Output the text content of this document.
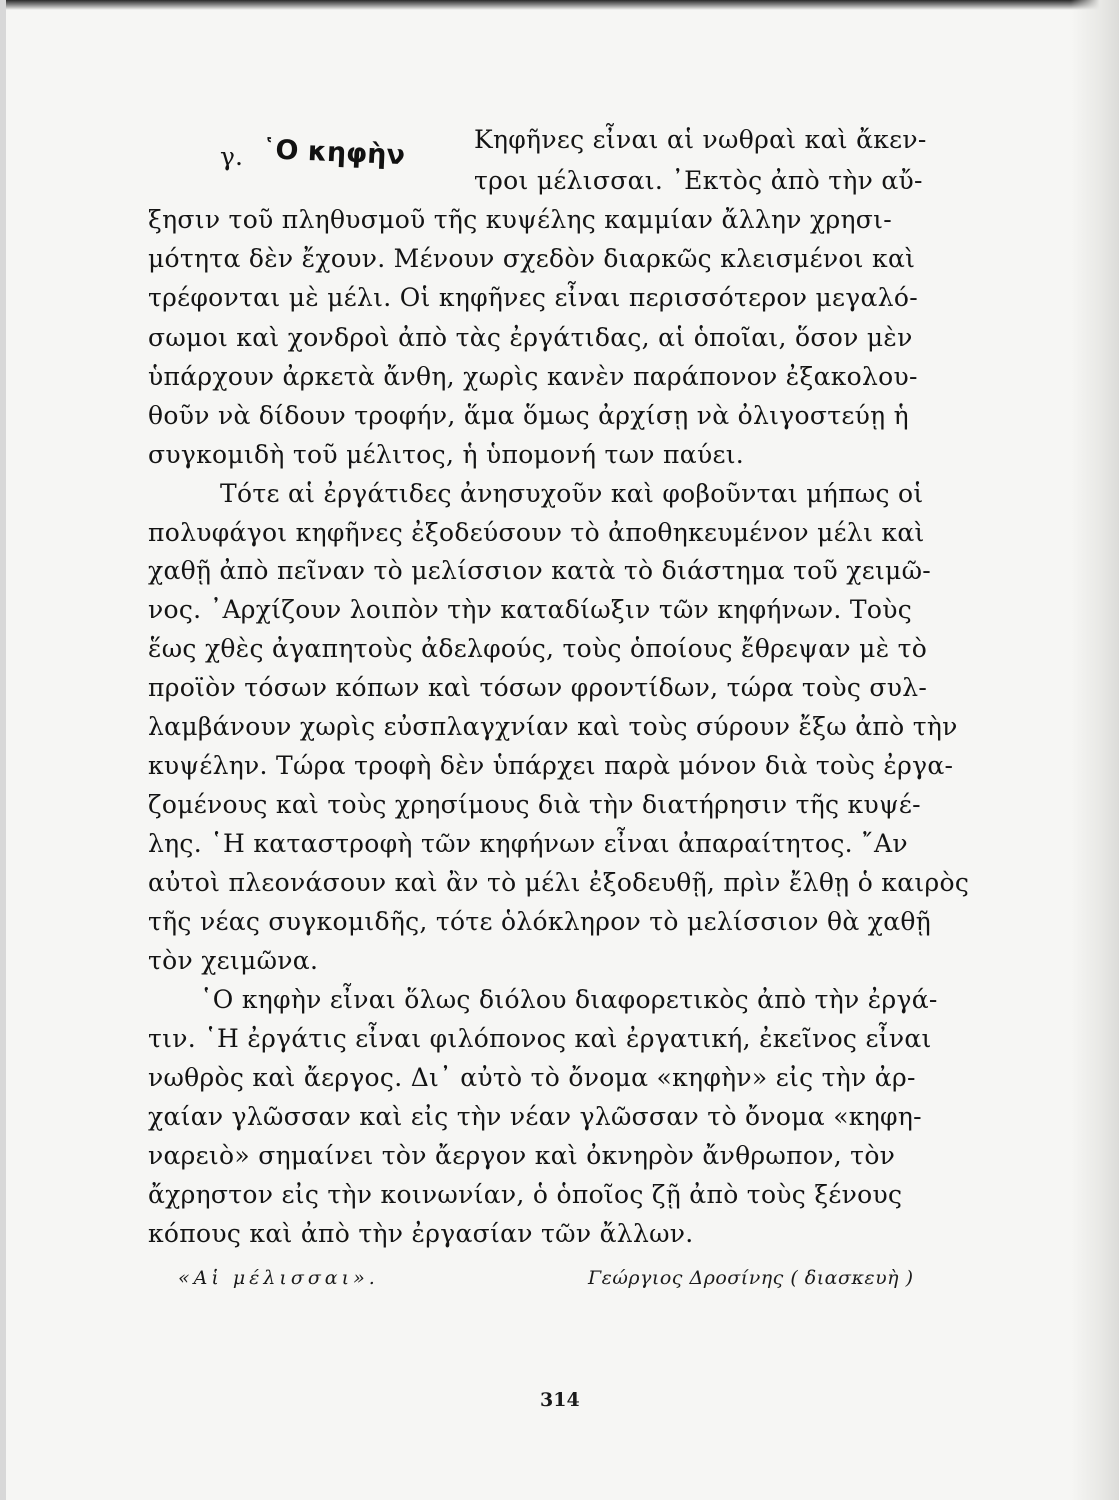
γ. ῾Ο κηφὴν	Κηφῆνες εἶναι αἱ νωθραὶ καὶ ἄκεν-
τροι μέλισσαι. ᾿Εκτὸς ἀπὸ τὴν αὔ-
ξησιν τοῦ πληθυσμοῦ τῆς κυψέλης καμμίαν ἄλλην χρησι-
μότητα δὲν ἔχουν. Μένουν σχεδὸν διαρκῶς κλεισμένοι καὶ
τρέφονται μὲ μέλι. Οἱ κηφῆνες εἶναι περισσότερον μεγαλό-
σωμοι καὶ χονδροὶ ἀπὸ τὰς ἐργάτιδας, αἱ ὁποῖαι, ὅσον μὲν
ὑπάρχουν ἀρκετὰ ἄνθη, χωρὶς κανὲν παράπονον ἐξακολου-
θοῦν νὰ δίδουν τροφήν, ἅμα ὅμως ἀρχίσῃ νὰ ὀλιγοστεύῃ ἡ
συγκομιδὴ τοῦ μέλιτος, ἡ ὑπομονή των παύει.
Τότε αἱ ἐργάτιδες ἀνησυχοῦν καὶ φοβοῦνται μήπως οἱ
πολυφάγοι κηφῆνες ἐξοδεύσουν τὸ ἀποθηκευμένον μέλι καὶ
χαθῇ ἀπὸ πεῖναν τὸ μελίσσιον κατὰ τὸ διάστημα τοῦ χειμῶ-
νος. ᾿Αρχίζουν λοιπὸν τὴν καταδίωξιν τῶν κηφήνων. Τοὺς
ἕως χθὲς ἀγαπητοὺς ἀδελφούς, τοὺς ὁποίους ἔθρεψαν μὲ τὸ
προϊὸν τόσων κόπων καὶ τόσων φροντίδων, τώρα τοὺς συλ-
λαμβάνουν χωρὶς εὐσπλαγχνίαν καὶ τοὺς σύρουν ἔξω ἀπὸ τὴν
κυψέλην. Τώρα τροφὴ δὲν ὑπάρχει παρὰ μόνον διὰ τοὺς ἐργα-
ζομένους καὶ τοὺς χρησίμους διὰ τὴν διατήρησιν τῆς κυψέ-
λης. ῾Η καταστροφὴ τῶν κηφήνων εἶναι ἀπαραίτητος. ῎Αν
αὐτοὶ πλεονάσουν καὶ ἂν τὸ μέλι ἐξοδευθῇ, πρὶν ἔλθῃ ὁ καιρὸς
τῆς νέας συγκομιδῆς, τότε ὁλόκληρον τὸ μελίσσιον θὰ χαθῇ
τὸν χειμῶνα.
῾Ο κηφὴν εἶναι ὅλως διόλου διαφορετικὸς ἀπὸ τὴν ἐργά-
τιν. ῾Η ἐργάτις εἶναι φιλόπονος καὶ ἐργατική, ἐκεῖνος εἶναι
νωθρὸς καὶ ἄεργος. Δι᾿ αὐτὸ τὸ ὄνομα «κηφὴν» εἰς τὴν ἀρ-
χαίαν γλῶσσαν καὶ εἰς τὴν νέαν γλῶσσαν τὸ ὄνομα «κηφη-
ναρειὸ» σημαίνει τὸν ἄεργον καὶ ὀκνηρὸν ἄνθρωπον, τὸν
ἄχρηστον εἰς τὴν κοινωνίαν, ὁ ὁποῖος ζῇ ἀπὸ τοὺς ξένους
κόπους καὶ ἀπὸ τὴν ἐργασίαν τῶν ἄλλων.
«Αἱ μέλισσαι».	Γεώργιος Δροσίνης ( διασκευὴ )
314
